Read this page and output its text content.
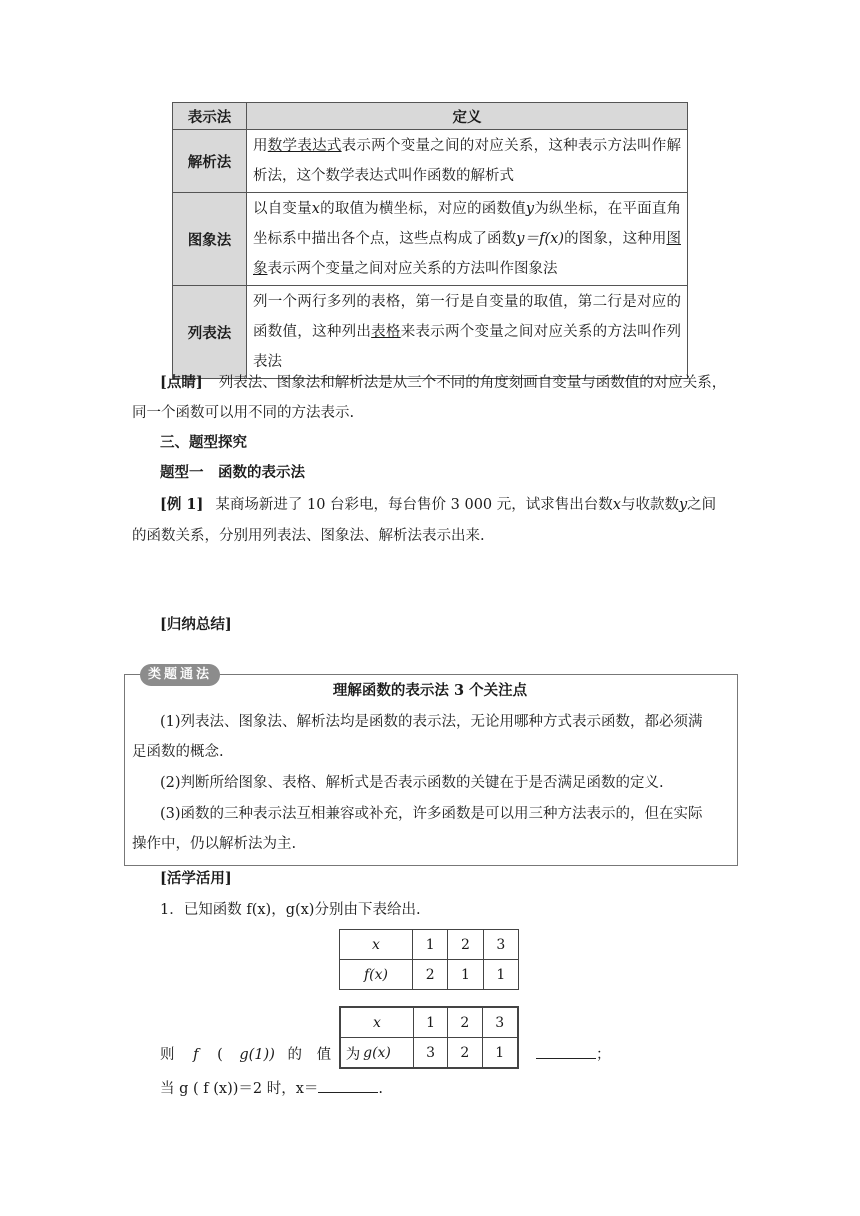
表示法	定义
解析法	用数学表达式表示两个变量之间的对应关系，这种表示方法叫作解析法，这个数学表达式叫作函数的解析式
图象法	以自变量x的取值为横坐标，对应的函数值y为纵坐标，在平面直角坐标系中描出各个点，这些点构成了函数y＝f(x)的图象，这种用图象表示两个变量之间对应关系的方法叫作图象法
列表法	列一个两行多列的表格，第一行是自变量的取值，第二行是对应的函数值，这种列出表格来表示两个变量之间对应关系的方法叫作列表法
[点睛] 列表法、图象法和解析法是从三个不同的角度刻画自变量与函数值的对应关系，
同一个函数可以用不同的方法表示.
三、题型探究
题型一　函数的表示法
[例 1] 某商场新进了 10 台彩电，每台售价 3 000 元，试求售出台数x与收款数y之间
的函数关系，分别用列表法、图象法、解析法表示出来.
[归纳总结]
类题通法
理解函数的表示法 3 个关注点
(1)列表法、图象法、解析法均是函数的表示法，无论用哪种方式表示函数，都必须满
足函数的概念.
(2)判断所给图象、表格、解析式是否表示函数的关键在于是否满足函数的定义.
(3)函数的三种表示法互相兼容或补充，许多函数是可以用三种方法表示的，但在实际
操作中，仍以解析法为主.
[活学活用]
1．已知函数 f(x)，g(x)分别由下表给出.
x	1	2	3
f(x)	2	1	1
x	1	2	3
g(x)	3	2	1
则 f ( g(1)) 的 值 为	；
当 g ( f (x))＝2 时，x＝	.
